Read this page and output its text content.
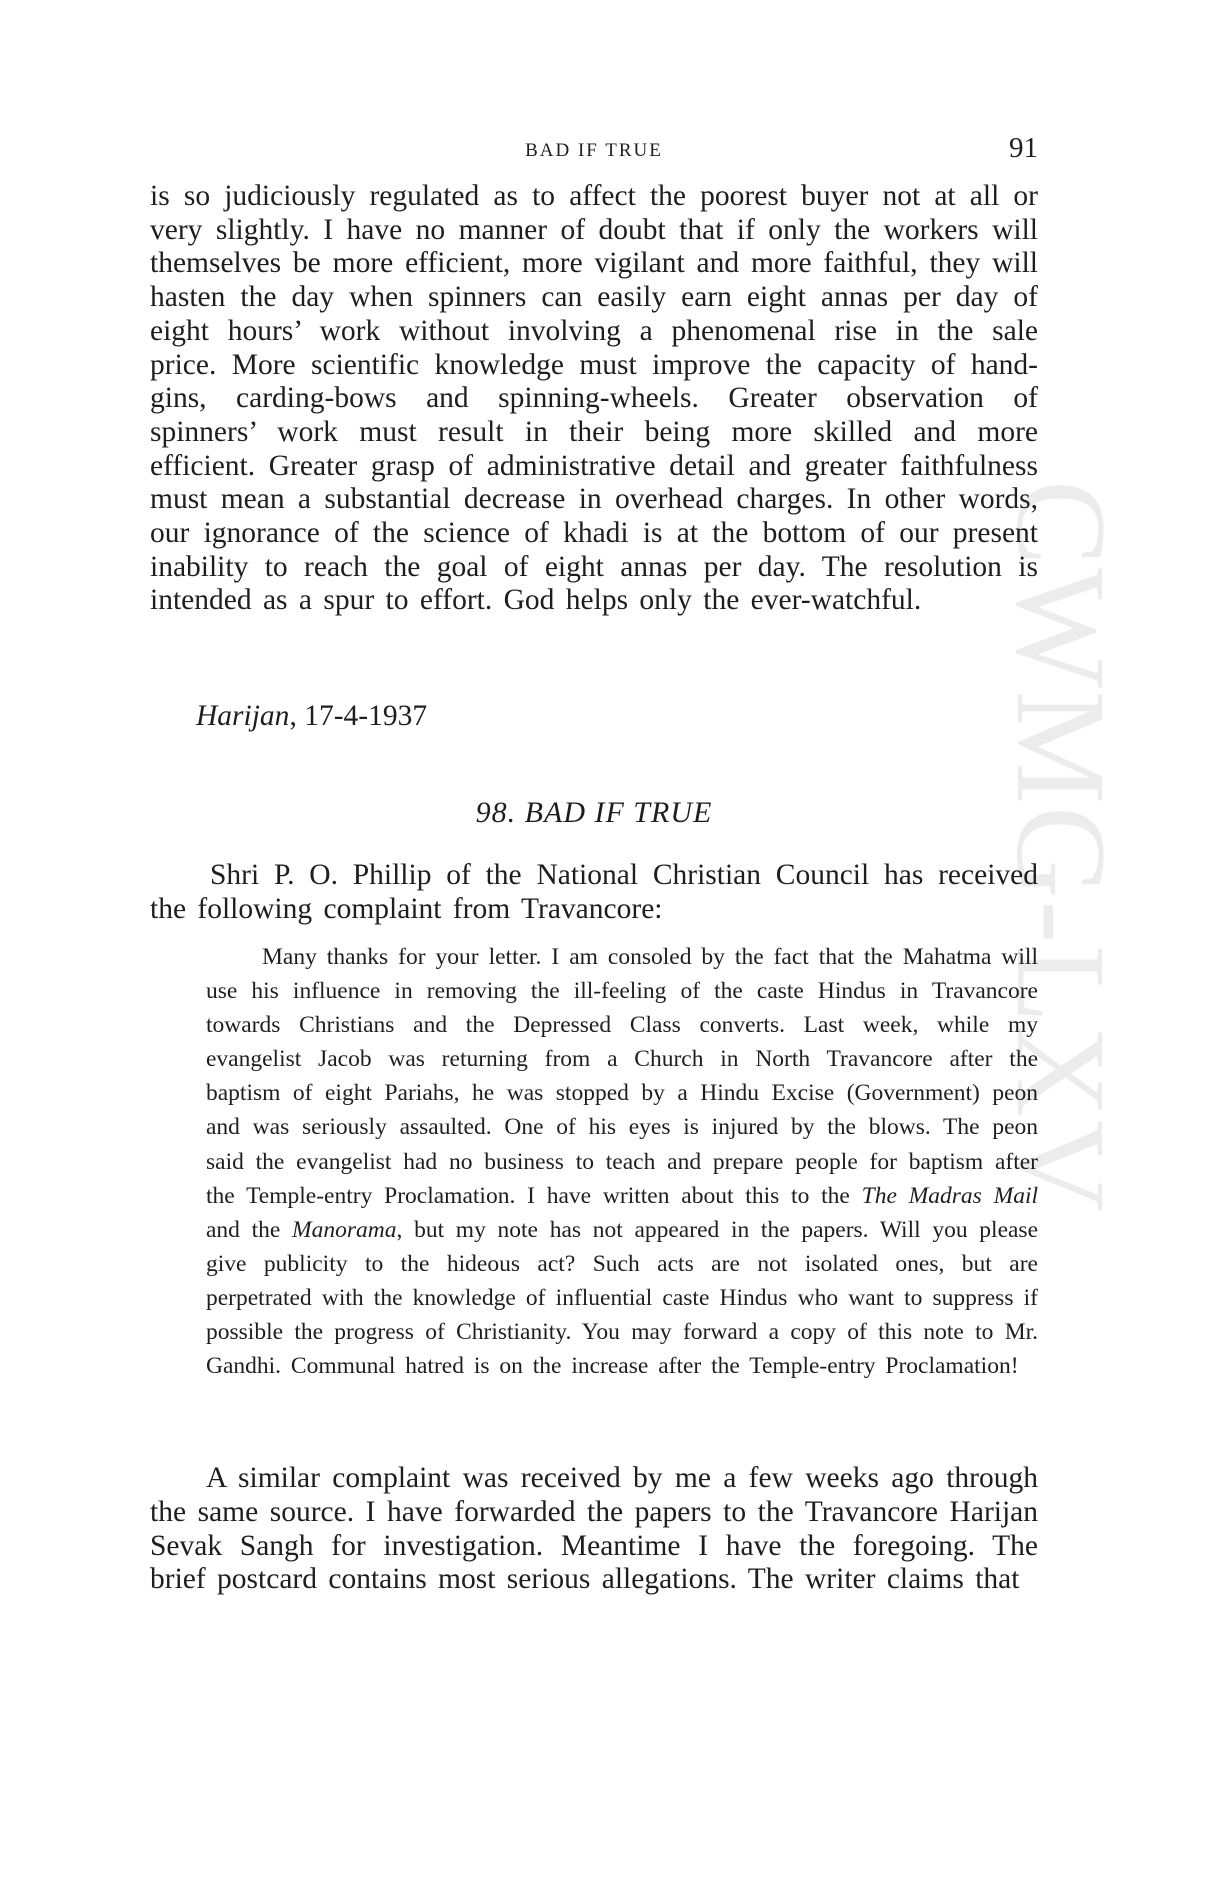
CWMG-LXV
BAD IF TRUE	91

is so judiciously regulated as to affect the poorest buyer not at all or very slightly. I have no manner of doubt that if only the workers will themselves be more efficient, more vigilant and more faithful, they will hasten the day when spinners can easily earn eight annas per day of eight hours’ work without involving a phenomenal rise in the sale price. More scientific knowledge must improve the capacity of hand-gins, carding-bows and spinning-wheels. Greater observation of spinners’ work must result in their being more skilled and more efficient. Greater grasp of administrative detail and greater faithfulness must mean a substantial decrease in overhead charges. In other words, our ignorance of the science of khadi is at the bottom of our present inability to reach the goal of eight annas per day. The resolution is intended as a spur to effort. God helps only the ever-watchful.

Harijan, 17-4-1937
98. BAD IF TRUE

Shri P. O. Phillip of the National Christian Council has received the following complaint from Travancore:

Many thanks for your letter. I am consoled by the fact that the Mahatma will use his influence in removing the ill-feeling of the caste Hindus in Travancore towards Christians and the Depressed Class converts. Last week, while my evangelist Jacob was returning from a Church in North Travancore after the baptism of eight Pariahs, he was stopped by a Hindu Excise (Government) peon and was seriously assaulted. One of his eyes is injured by the blows. The peon said the evangelist had no business to teach and prepare people for baptism after the Temple-entry Proclamation. I have written about this to the The Madras Mail and the Manorama, but my note has not appeared in the papers. Will you please give publicity to the hideous act? Such acts are not isolated ones, but are perpetrated with the knowledge of influential caste Hindus who want to suppress if possible the progress of Christianity. You may forward a copy of this note to Mr. Gandhi. Communal hatred is on the increase after the Temple-entry Proclamation!

A similar complaint was received by me a few weeks ago through the same source. I have forwarded the papers to the Travancore Harijan Sevak Sangh for investigation. Meantime I have the foregoing. The brief postcard contains most serious allegations. The writer claims that
